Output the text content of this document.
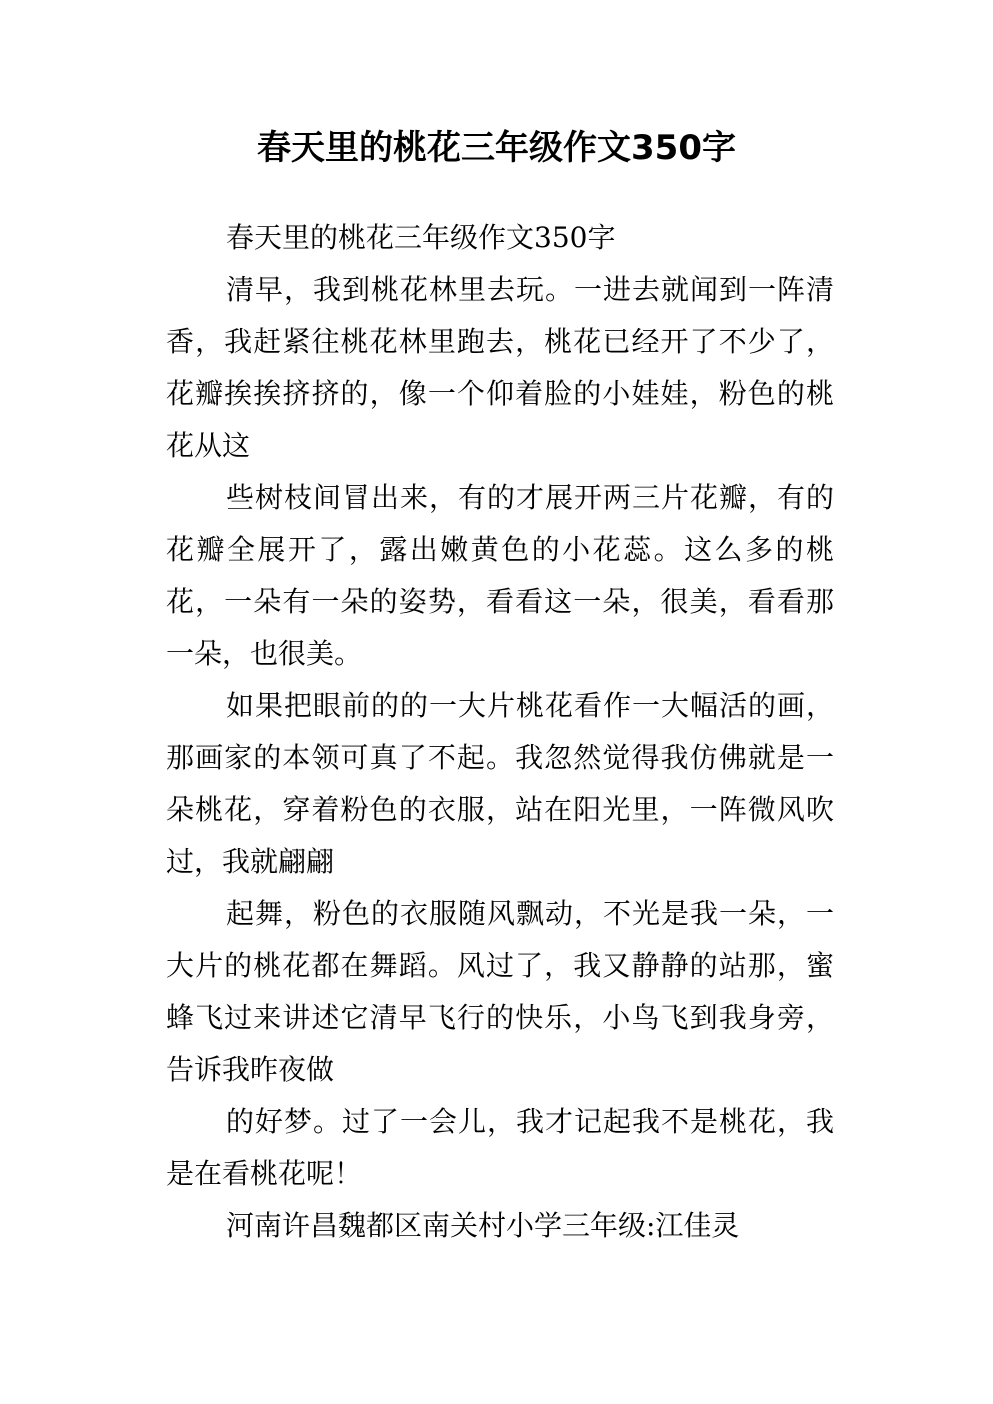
春天里的桃花三年级作文350字

春天里的桃花三年级作文350字

清早，我到桃花林里去玩。一进去就闻到一阵清香，我赶紧往桃花林里跑去，桃花已经开了不少了，花瓣挨挨挤挤的，像一个仰着脸的小娃娃，粉色的桃花从这

些树枝间冒出来，有的才展开两三片花瓣，有的花瓣全展开了，露出嫩黄色的小花蕊。这么多的桃花，一朵有一朵的姿势，看看这一朵，很美，看看那一朵，也很美。

如果把眼前的的一大片桃花看作一大幅活的画，那画家的本领可真了不起。我忽然觉得我仿佛就是一朵桃花，穿着粉色的衣服，站在阳光里，一阵微风吹过，我就翩翩

起舞，粉色的衣服随风飘动，不光是我一朵，一大片的桃花都在舞蹈。风过了，我又静静的站那，蜜蜂飞过来讲述它清早飞行的快乐，小鸟飞到我身旁，告诉我昨夜做

的好梦。过了一会儿，我才记起我不是桃花，我是在看桃花呢！

河南许昌魏都区南关村小学三年级:江佳灵
